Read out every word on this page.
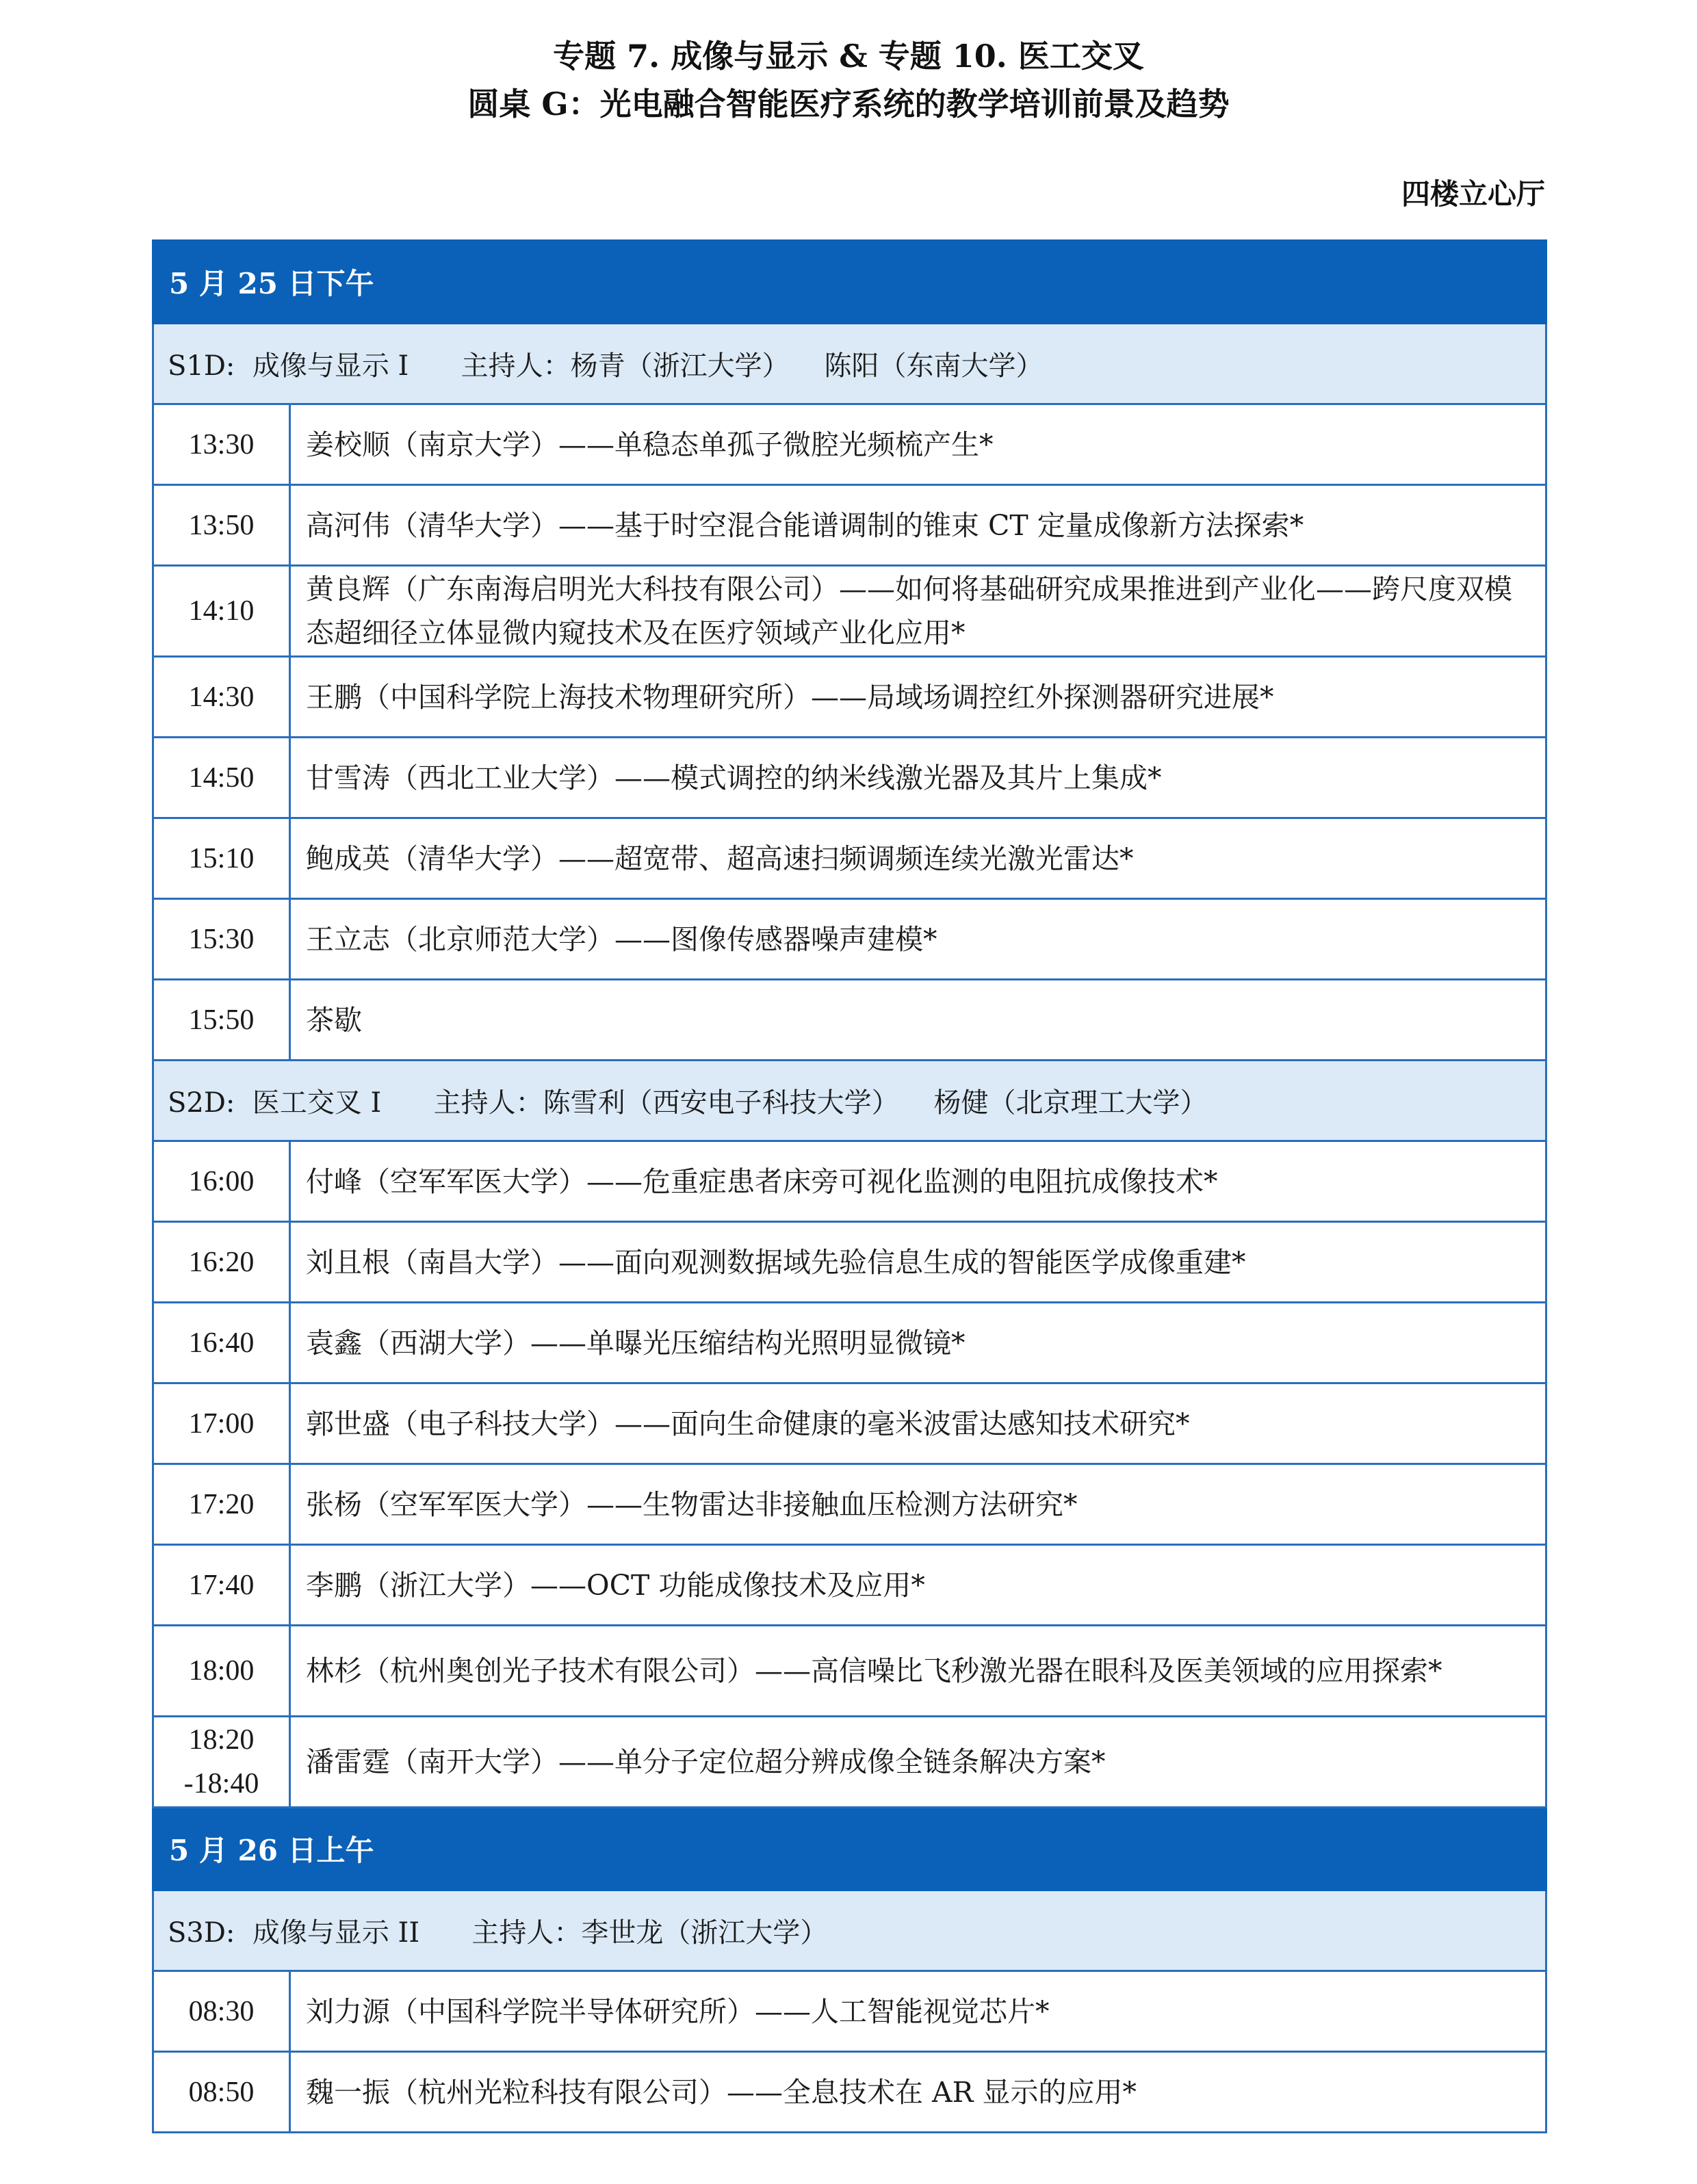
专题 7. 成像与显示 & 专题 10. 医工交叉
圆桌 G：光电融合智能医疗系统的教学培训前景及趋势
四楼立心厅
5 月 25 日下午	
S1D:  成像与显示 I      主持人：杨青（浙江大学）    陈阳（东南大学）	
13:30	姜校顺（南京大学）——单稳态单孤子微腔光频梳产生*
13:50	高河伟（清华大学）——基于时空混合能谱调制的锥束 CT 定量成像新方法探索*
14:10	黄良辉（广东南海启明光大科技有限公司）——如何将基础研究成果推进到产业化——跨尺度双模态超细径立体显微内窥技术及在医疗领域产业化应用*
14:30	王鹏（中国科学院上海技术物理研究所）——局域场调控红外探测器研究进展*
14:50	甘雪涛（西北工业大学）——模式调控的纳米线激光器及其片上集成*
15:10	鲍成英（清华大学）——超宽带、超高速扫频调频连续光激光雷达*
15:30	王立志（北京师范大学）——图像传感器噪声建模*
15:50	茶歇
S2D:  医工交叉 I      主持人：陈雪利（西安电子科技大学）    杨健（北京理工大学）	
16:00	付峰（空军军医大学）——危重症患者床旁可视化监测的电阻抗成像技术*
16:20	刘且根（南昌大学）——面向观测数据域先验信息生成的智能医学成像重建*
16:40	袁鑫（西湖大学）——单曝光压缩结构光照明显微镜*
17:00	郭世盛（电子科技大学）——面向生命健康的毫米波雷达感知技术研究*
17:20	张杨（空军军医大学）——生物雷达非接触血压检测方法研究*
17:40	李鹏（浙江大学）——OCT 功能成像技术及应用*
18:00	林杉（杭州奥创光子技术有限公司）——高信噪比飞秒激光器在眼科及医美领域的应用探索*
18:20
-18:40	潘雷霆（南开大学）——单分子定位超分辨成像全链条解决方案*
5 月 26 日上午	
S3D:  成像与显示 II      主持人：李世龙（浙江大学）	
08:30	刘力源（中国科学院半导体研究所）——人工智能视觉芯片*
08:50	魏一振（杭州光粒科技有限公司）——全息技术在 AR 显示的应用*
